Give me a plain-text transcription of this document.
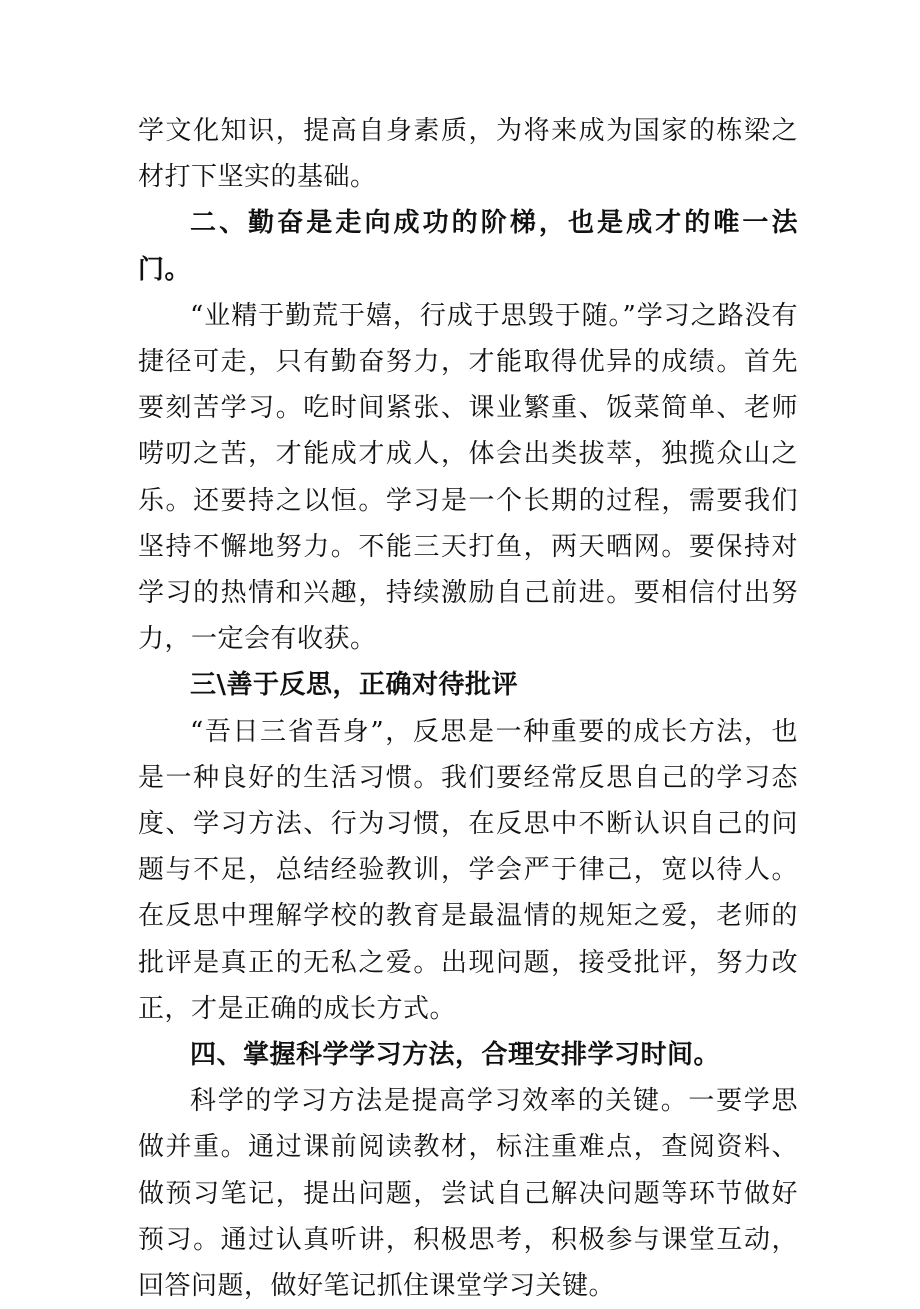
学文化知识，提高自身素质，为将来成为国家的栋梁之材打下坚实的基础。

二、勤奋是走向成功的阶梯，也是成才的唯一法门。

“业精于勤荒于嬉，行成于思毁于随。”学习之路没有捷径可走，只有勤奋努力，才能取得优异的成绩。首先要刻苦学习。吃时间紧张、课业繁重、饭菜简单、老师唠叨之苦，才能成才成人，体会出类拔萃，独揽众山之乐。还要持之以恒。学习是一个长期的过程，需要我们坚持不懈地努力。不能三天打鱼，两天晒网。要保持对学习的热情和兴趣，持续激励自己前进。要相信付出努力，一定会有收获。

三\善于反思，正确对待批评

“吾日三省吾身”，反思是一种重要的成长方法，也是一种良好的生活习惯。我们要经常反思自己的学习态度、学习方法、行为习惯，在反思中不断认识自己的问题与不足，总结经验教训，学会严于律己，宽以待人。在反思中理解学校的教育是最温情的规矩之爱，老师的批评是真正的无私之爱。出现问题，接受批评，努力改正，才是正确的成长方式。

四、掌握科学学习方法，合理安排学习时间。

科学的学习方法是提高学习效率的关键。一要学思做并重。通过课前阅读教材，标注重难点，查阅资料、做预习笔记，提出问题，尝试自己解决问题等环节做好预习。通过认真听讲，积极思考，积极参与课堂互动，回答问题，做好笔记抓住课堂学习关键。
